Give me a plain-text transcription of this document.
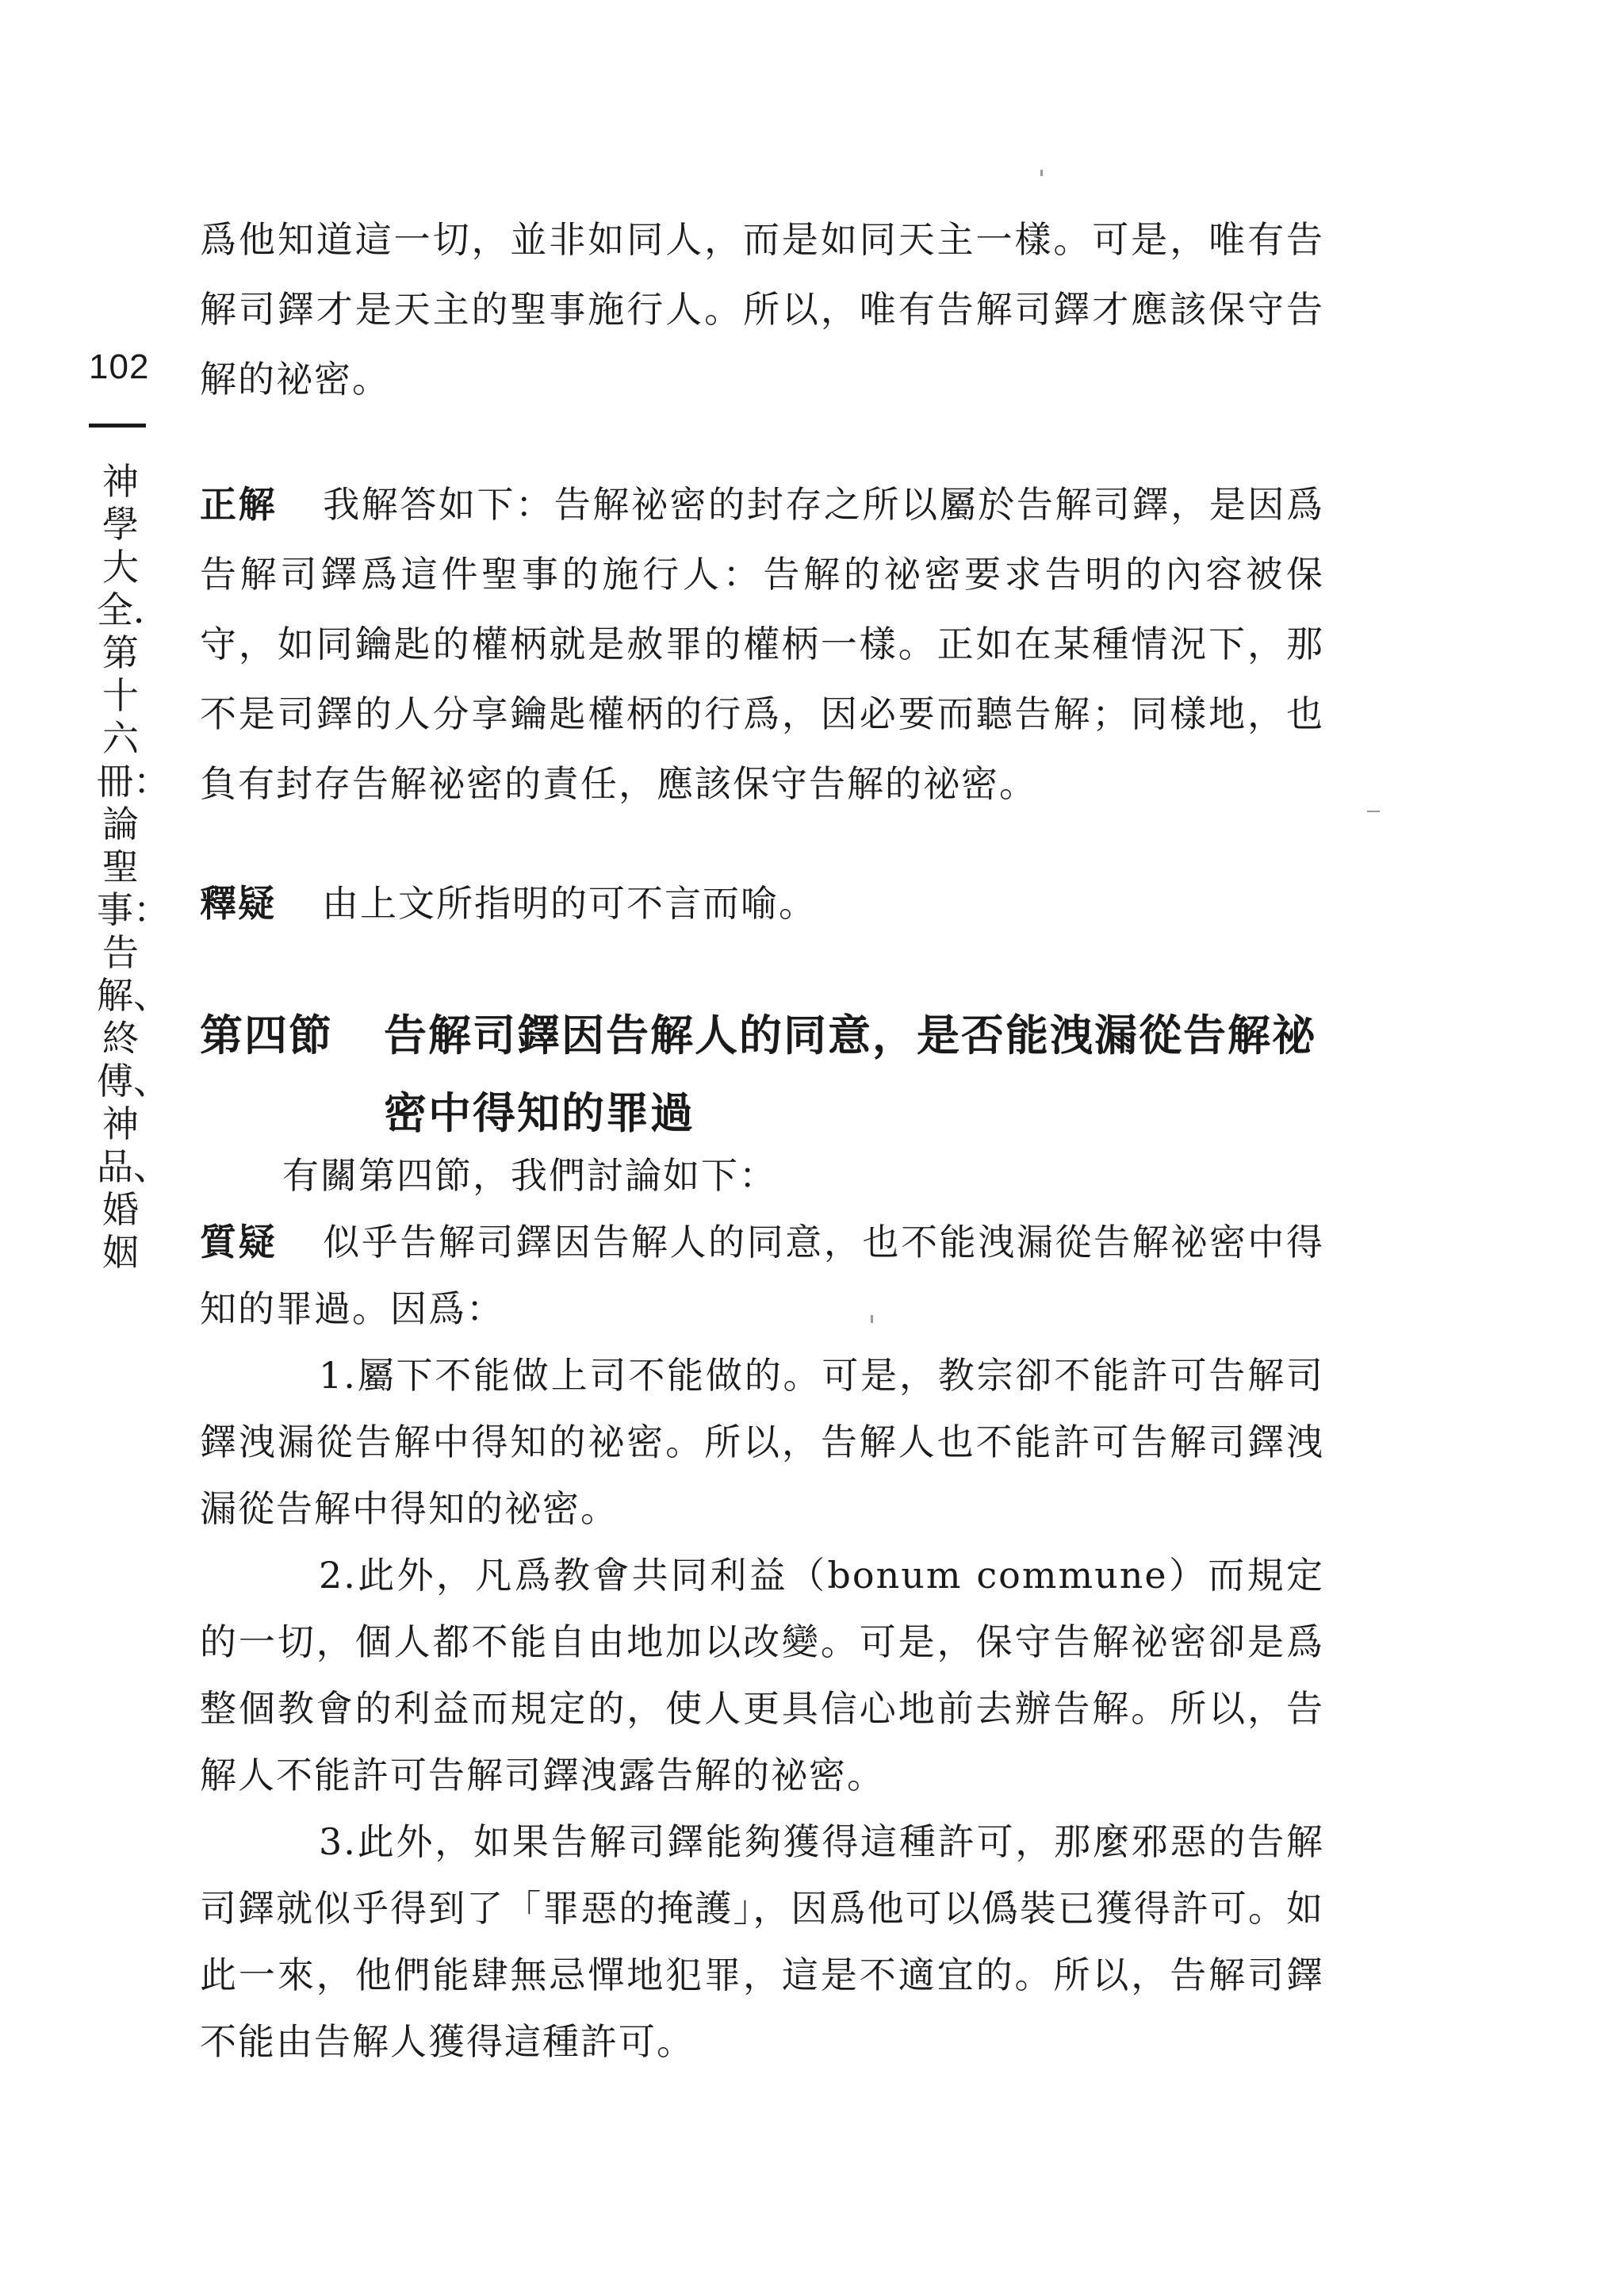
102
神學大全．第十六冊：論聖事：告解、終傅、神品、婚姻
爲他知道這一切，並非如同人，而是如同天主一樣。可是，唯有告解司鐸才是天主的聖事施行人。所以，唯有告解司鐸才應該保守告解的祕密。
正解 我解答如下：告解祕密的封存之所以屬於告解司鐸，是因爲告解司鐸爲這件聖事的施行人：告解的祕密要求告明的內容被保守，如同鑰匙的權柄就是赦罪的權柄一樣。正如在某種情況下，那不是司鐸的人分享鑰匙權柄的行爲，因必要而聽告解；同樣地，也負有封存告解祕密的責任，應該保守告解的祕密。
釋疑 由上文所指明的可不言而喻。
第四節 告解司鐸因告解人的同意，是否能洩漏從告解祕密中得知的罪過
有關第四節，我們討論如下：
質疑 似乎告解司鐸因告解人的同意，也不能洩漏從告解祕密中得知的罪過。因爲：
1.屬下不能做上司不能做的。可是，教宗卻不能許可告解司鐸洩漏從告解中得知的祕密。所以，告解人也不能許可告解司鐸洩漏從告解中得知的祕密。
2.此外，凡爲教會共同利益（bonum commune）而規定的一切，個人都不能自由地加以改變。可是，保守告解祕密卻是爲整個教會的利益而規定的，使人更具信心地前去辦告解。所以，告解人不能許可告解司鐸洩露告解的祕密。
3.此外，如果告解司鐸能夠獲得這種許可，那麼邪惡的告解司鐸就似乎得到了「罪惡的掩護」，因爲他可以僞裝已獲得許可。如此一來，他們能肆無忌憚地犯罪，這是不適宜的。所以，告解司鐸不能由告解人獲得這種許可。
